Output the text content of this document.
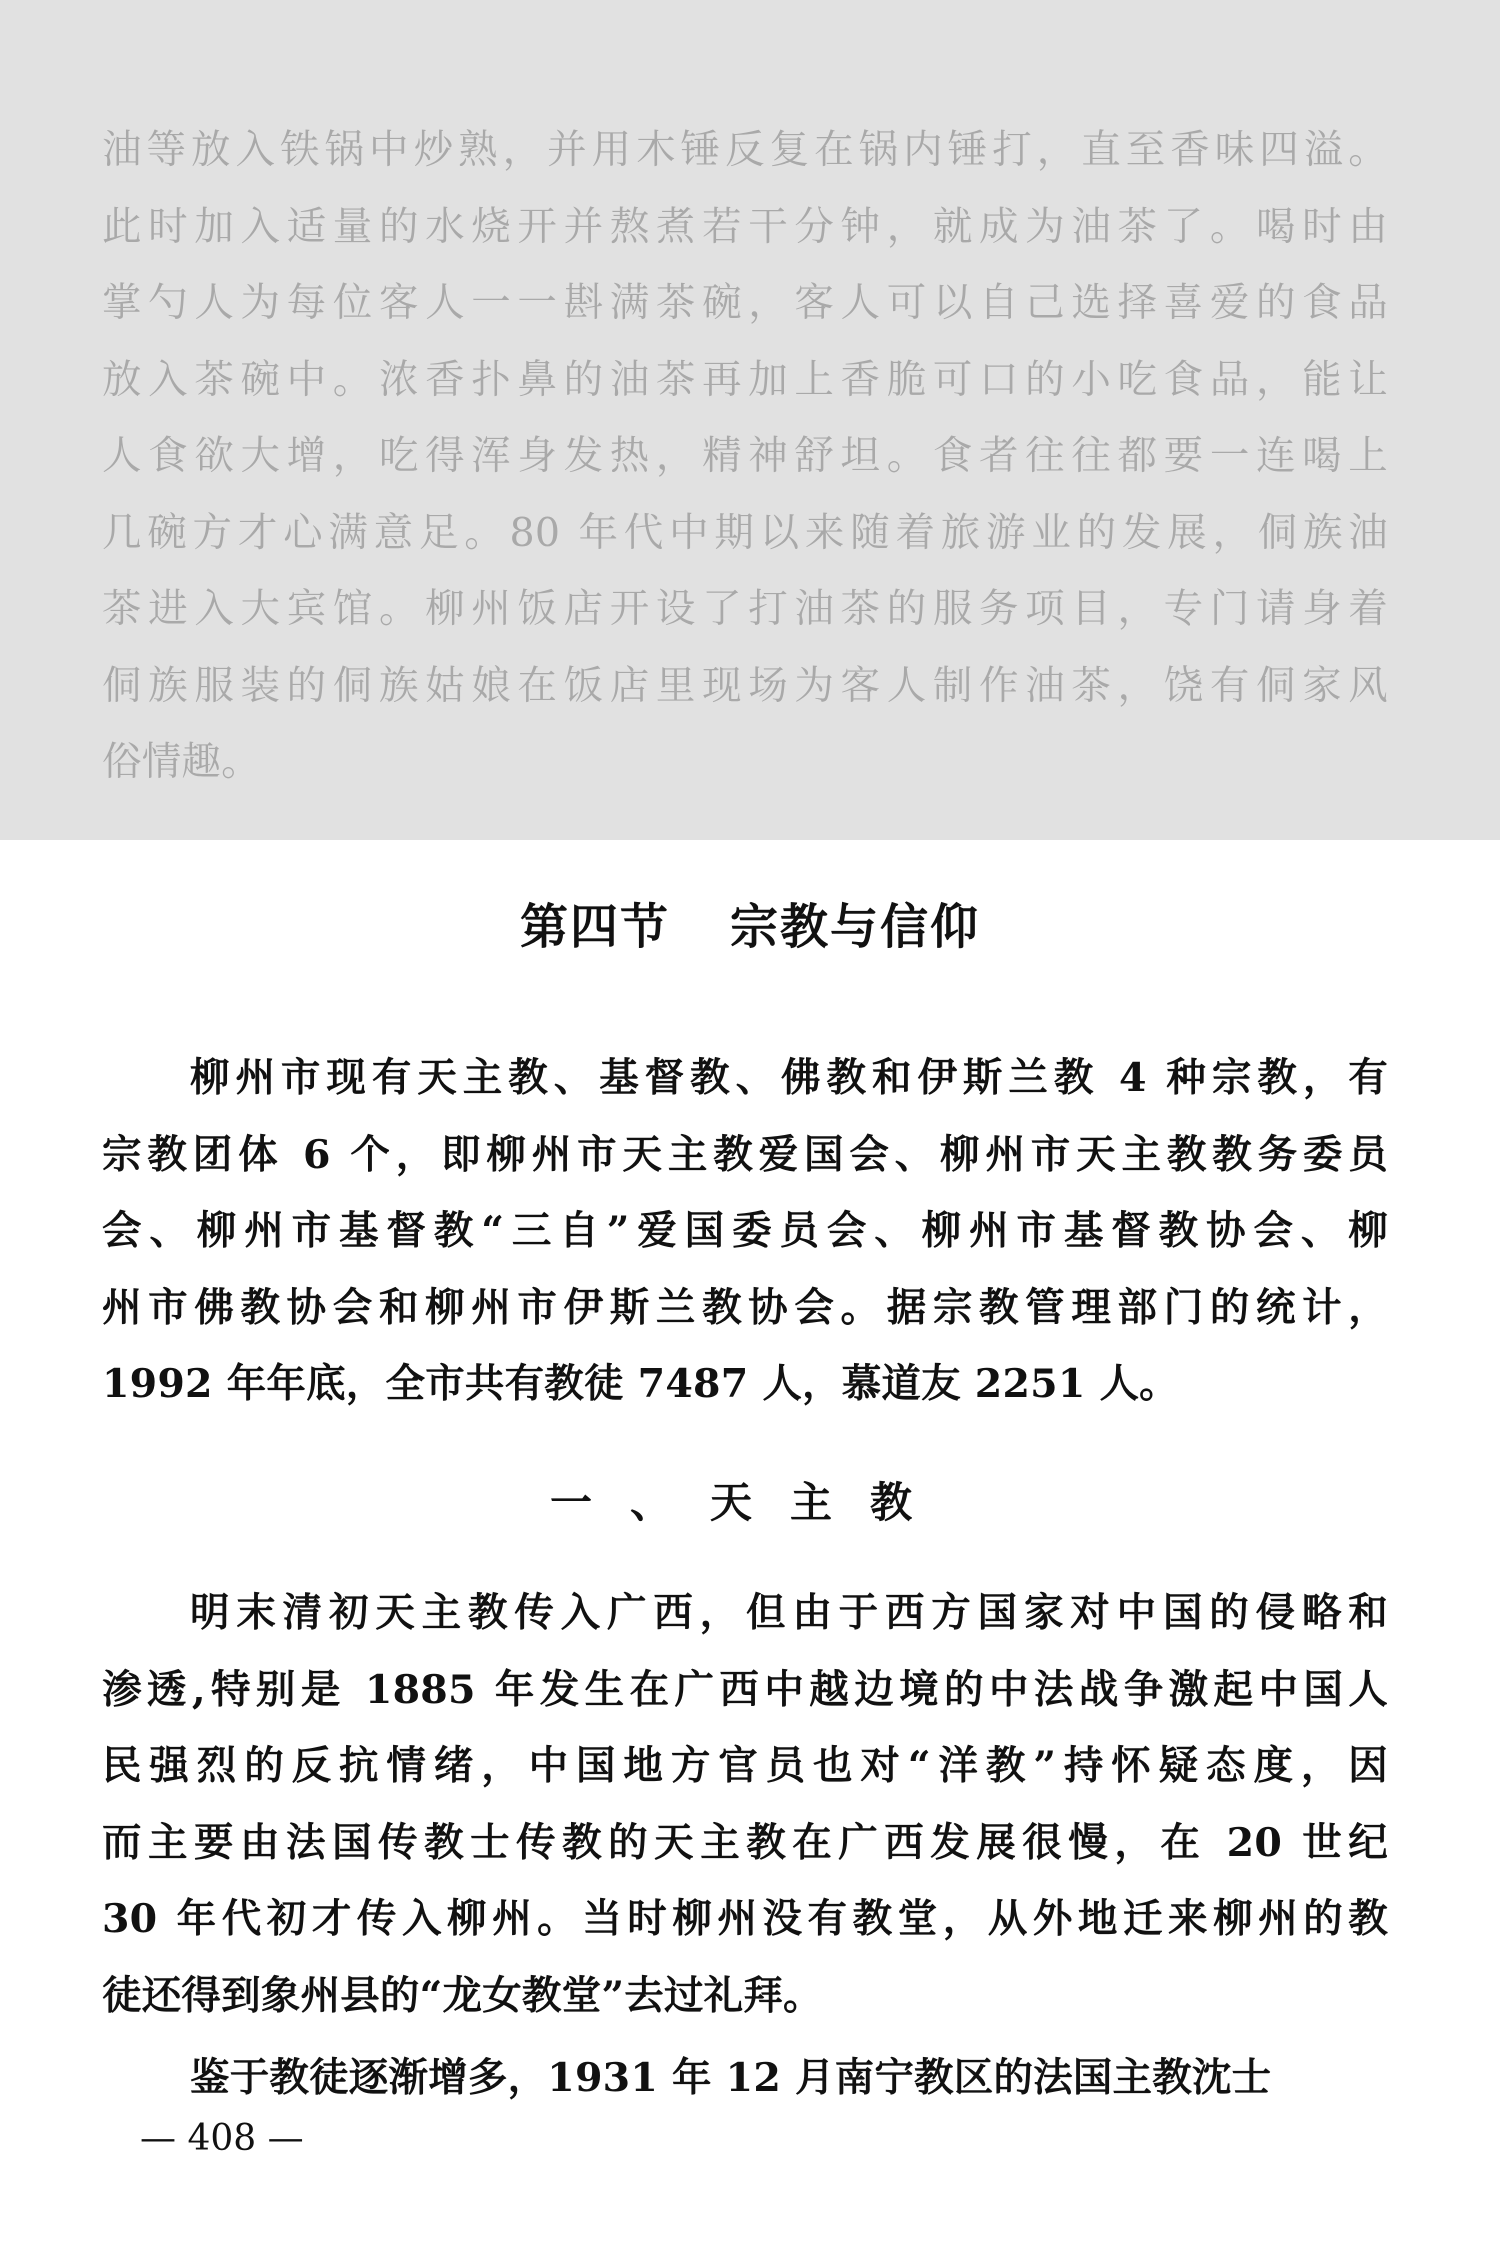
油等放入铁锅中炒熟，并用木锤反复在锅内锤打，直至香味四溢。
此时加入适量的水烧开并熬煮若干分钟，就成为油茶了。喝时由
掌勺人为每位客人一一斟满茶碗，客人可以自己选择喜爱的食品
放入茶碗中。浓香扑鼻的油茶再加上香脆可口的小吃食品，能让
人食欲大增，吃得浑身发热，精神舒坦。食者往往都要一连喝上
几碗方才心满意足。80 年代中期以来随着旅游业的发展，侗族油
茶进入大宾馆。柳州饭店开设了打油茶的服务项目，专门请身着
侗族服装的侗族姑娘在饭店里现场为客人制作油茶，饶有侗家风
俗情趣。
第四节 宗教与信仰
柳州市现有天主教、基督教、佛教和伊斯兰教 4 种宗教，有
宗教团体 6 个，即柳州市天主教爱国会、柳州市天主教教务委员
会、柳州市基督教“三自”爱国委员会、柳州市基督教协会、柳
州市佛教协会和柳州市伊斯兰教协会。据宗教管理部门的统计，
1992 年年底，全市共有教徒 7487 人，慕道友 2251 人。
一、天主教
明末清初天主教传入广西，但由于西方国家对中国的侵略和
渗透,特别是 1885 年发生在广西中越边境的中法战争激起中国人
民强烈的反抗情绪，中国地方官员也对“洋教”持怀疑态度，因
而主要由法国传教士传教的天主教在广西发展很慢，在 20 世纪
30 年代初才传入柳州。当时柳州没有教堂，从外地迁来柳州的教
徒还得到象州县的“龙女教堂”去过礼拜。
鉴于教徒逐渐增多，1931 年 12 月南宁教区的法国主教沈士

— 408 —
